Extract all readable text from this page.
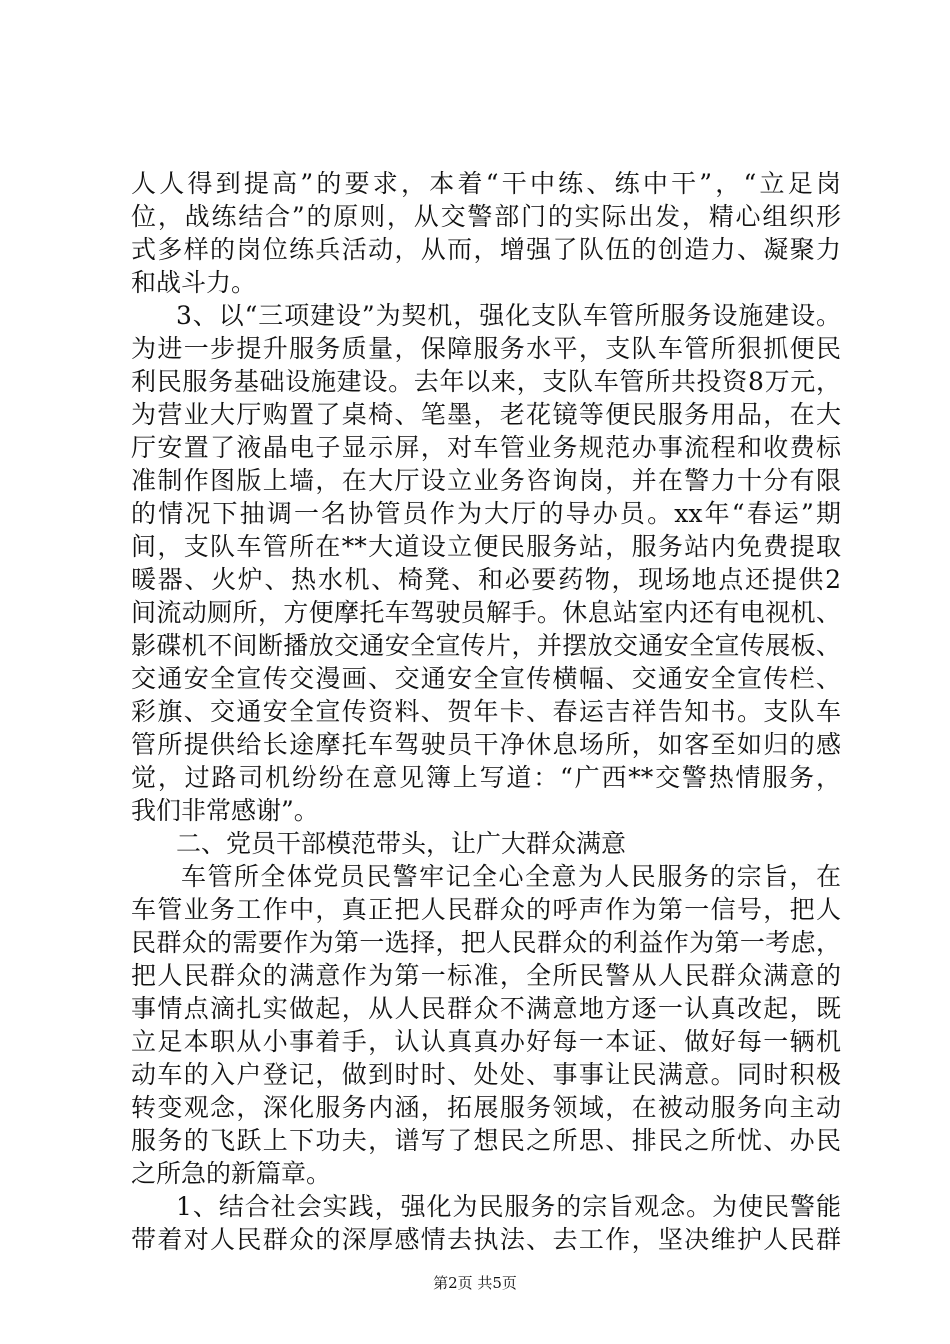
人人得到提高”的要求，本着“干中练、练中干”，“立足岗
位，战练结合”的原则，从交警部门的实际出发，精心组织形
式多样的岗位练兵活动，从而，增强了队伍的创造力、凝聚力
和战斗力。
3、以“三项建设”为契机，强化支队车管所服务设施建设。
为进一步提升服务质量，保障服务水平，支队车管所狠抓便民
利民服务基础设施建设。去年以来，支队车管所共投资8万元，
为营业大厅购置了桌椅、笔墨，老花镜等便民服务用品，在大
厅安置了液晶电子显示屏，对车管业务规范办事流程和收费标
准制作图版上墙，在大厅设立业务咨询岗，并在警力十分有限
的情况下抽调一名协管员作为大厅的导办员。xx年“春运”期
间，支队车管所在**大道设立便民服务站，服务站内免费提取
暖器、火炉、热水机、椅凳、和必要药物，现场地点还提供2
间流动厕所，方便摩托车驾驶员解手。休息站室内还有电视机、
影碟机不间断播放交通安全宣传片，并摆放交通安全宣传展板、
交通安全宣传交漫画、交通安全宣传横幅、交通安全宣传栏、
彩旗、交通安全宣传资料、贺年卡、春运吉祥告知书。支队车
管所提供给长途摩托车驾驶员干净休息场所，如客至如归的感
觉，过路司机纷纷在意见簿上写道：“广西**交警热情服务，
我们非常感谢”。
二、党员干部模范带头，让广大群众满意
车管所全体党员民警牢记全心全意为人民服务的宗旨，在
车管业务工作中，真正把人民群众的呼声作为第一信号，把人
民群众的需要作为第一选择，把人民群众的利益作为第一考虑，
把人民群众的满意作为第一标准，全所民警从人民群众满意的
事情点滴扎实做起，从人民群众不满意地方逐一认真改起，既
立足本职从小事着手，认认真真办好每一本证、做好每一辆机
动车的入户登记，做到时时、处处、事事让民满意。同时积极
转变观念，深化服务内涵，拓展服务领域，在被动服务向主动
服务的飞跃上下功夫，谱写了想民之所思、排民之所忧、办民
之所急的新篇章。
1、结合社会实践，强化为民服务的宗旨观念。为使民警能
带着对人民群众的深厚感情去执法、去工作，坚决维护人民群
第2页 共5页
